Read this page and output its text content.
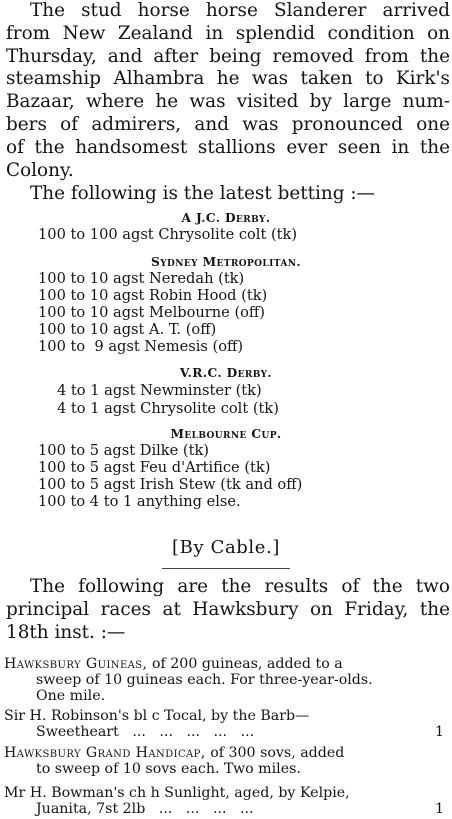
The stud horse horse Slanderer arrived
from New Zealand in splendid condition on
Thursday, and after being removed from the
steamship Alhambra he was taken to Kirk's
Bazaar, where he was visited by large num-
bers of admirers, and was pronounced one
of the handsomest stallions ever seen in the
Colony.
The following is the latest betting :—
A J.C. Derby.
100 to 100 agst Chrysolite colt (tk)
Sydney Metropolitan.
100 to 10 agst Neredah (tk)
100 to 10 agst Robin Hood (tk)
100 to 10 agst Melbourne (off)
100 to 10 agst A. T. (off)
100 to  9 agst Nemesis (off)
V.R.C. Derby.
4 to 1 agst Newminster (tk)
4 to 1 agst Chrysolite colt (tk)
Melbourne Cup.
100 to 5 agst Dilke (tk)
100 to 5 agst Feu d'Artifice (tk)
100 to 5 agst Irish Stew (tk and off)
100 to 4 to 1 anything else.
[By Cable.]
The following are the results of the two
principal races at Hawksbury on Friday, the
18th inst. :—
Hawksbury Guineas, of 200 guineas, added to a
sweep of 10 guineas each. For three-year-olds.
One mile.
Sir H. Robinson's bl c Tocal, by the Barb—
Sweetheart   ...   ...   ...   ...   ...	1
Hawksbury Grand Handicap, of 300 sovs, added
to sweep of 10 sovs each. Two miles.
Mr H. Bowman's ch h Sunlight, aged, by Kelpie,
Juanita, 7st 2lb   ...   ...   ...   ...	1
